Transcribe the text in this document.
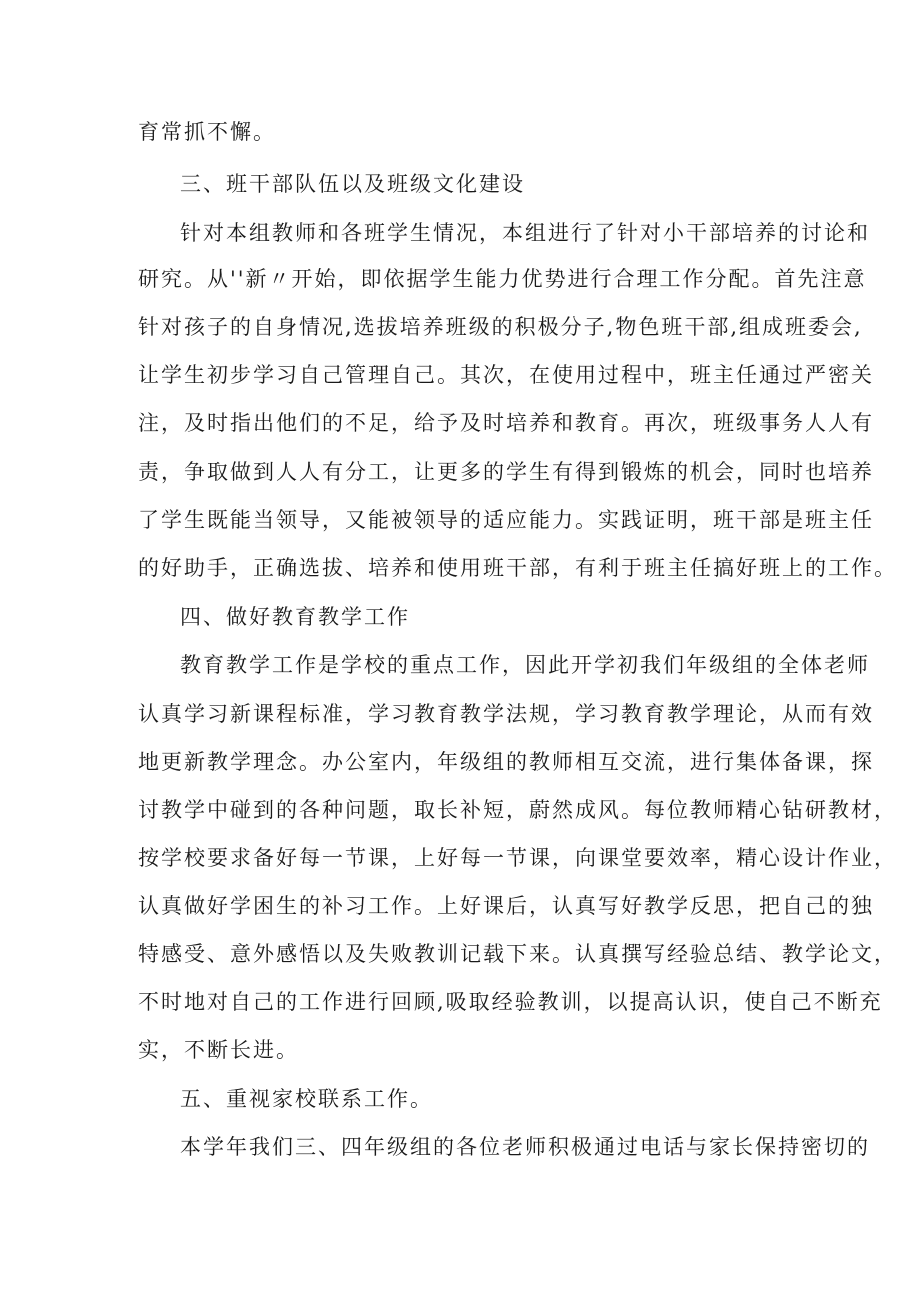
育常抓不懈。
三、班干部队伍以及班级文化建设
针对本组教师和各班学生情况，本组进行了针对小干部培养的讨论和
研究。从''新〃开始，即依据学生能力优势进行合理工作分配。首先注意
针对孩子的自身情况,选拔培养班级的积极分子,物色班干部,组成班委会,
让学生初步学习自己管理自己。其次，在使用过程中，班主任通过严密关
注，及时指出他们的不足，给予及时培养和教育。再次，班级事务人人有
责，争取做到人人有分工，让更多的学生有得到锻炼的机会，同时也培养
了学生既能当领导，又能被领导的适应能力。实践证明，班干部是班主任
的好助手，正确选拔、培养和使用班干部，有利于班主任搞好班上的工作。
四、做好教育教学工作
教育教学工作是学校的重点工作，因此开学初我们年级组的全体老师
认真学习新课程标准，学习教育教学法规，学习教育教学理论，从而有效
地更新教学理念。办公室内，年级组的教师相互交流，进行集体备课，探
讨教学中碰到的各种问题，取长补短，蔚然成风。每位教师精心钻研教材，
按学校要求备好每一节课，上好每一节课，向课堂要效率，精心设计作业，
认真做好学困生的补习工作。上好课后，认真写好教学反思，把自己的独
特感受、意外感悟以及失败教训记载下来。认真撰写经验总结、教学论文，
不时地对自己的工作进行回顾,吸取经验教训，以提高认识，使自己不断充
实，不断长进。
五、重视家校联系工作。
本学年我们三、四年级组的各位老师积极通过电话与家长保持密切的
